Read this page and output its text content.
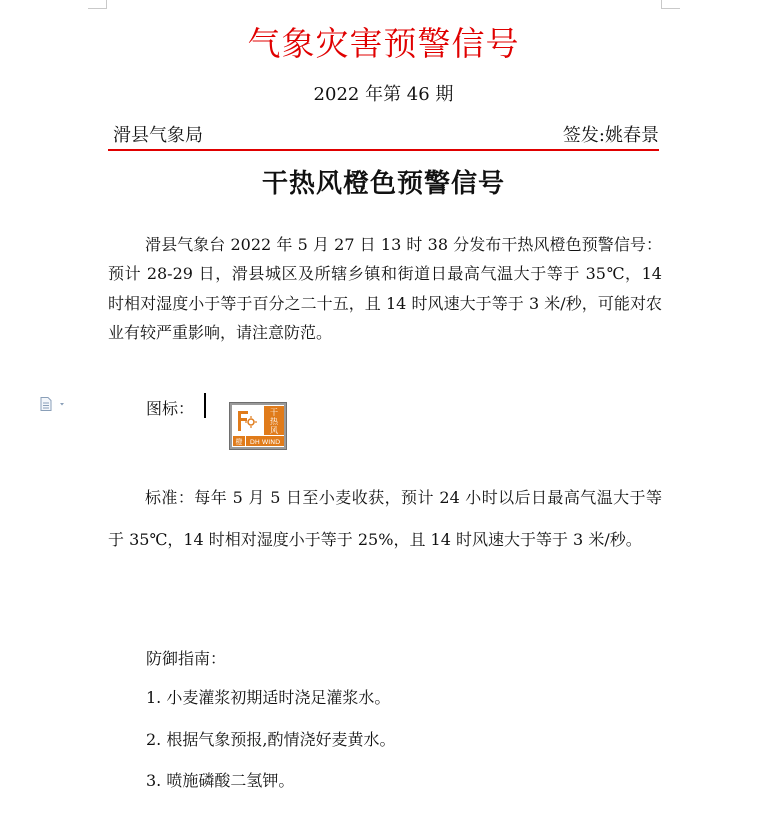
气象灾害预警信号
2022 年第 46 期
滑县气象局	签发:姚春景
干热风橙色预警信号

滑县气象台 2022 年 5 月 27 日 13 时 38 分发布干热风橙色预警信号：预计 28-29 日，滑县城区及所辖乡镇和街道日最高气温大于等于 35℃，14 时相对湿度小于等于百分之二十五，且 14 时风速大于等于 3 米/秒，可能对农业有较严重影响，请注意防范。

图标：	干
热
风
橙 DH WIND

标准：每年 5 月 5 日至小麦收获，预计 24 小时以后日最高气温大于等于 35℃，14 时相对湿度小于等于 25%，且 14 时风速大于等于 3 米/秒。

防御指南：
1. 小麦灌浆初期适时浇足灌浆水。
2. 根据气象预报,酌情浇好麦黄水。
3. 喷施磷酸二氢钾。
